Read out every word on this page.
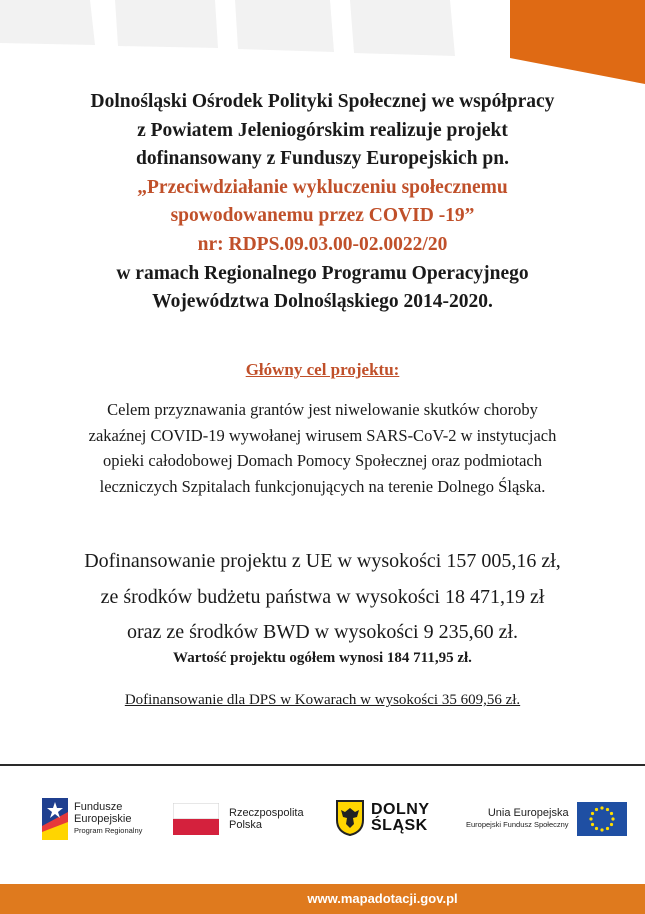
Dolnośląski Ośrodek Polityki Społecznej we współpracy
z Powiatem Jeleniogórskim realizuje projekt
dofinansowany z Funduszy Europejskich pn.
„Przeciwdziałanie wykluczeniu społecznemu
spowodowanemu przez COVID -19”
nr: RDPS.09.03.00-02.0022/20
w ramach Regionalnego Programu Operacyjnego
Województwa Dolnośląskiego 2014-2020.
Główny cel projektu:
Celem przyznawania grantów jest niwelowanie skutków choroby
zakaźnej COVID-19 wywołanej wirusem SARS-CoV-2 w instytucjach
opieki całodobowej Domach Pomocy Społecznej oraz podmiotach
leczniczych Szpitalach funkcjonujących na terenie Dolnego Śląska.
Dofinansowanie projektu z UE w wysokości 157 005,16 zł,
ze środków budżetu państwa w wysokości 18 471,19 zł
oraz ze środków BWD w wysokości 9 235,60 zł.
Wartość projektu ogółem wynosi 184 711,95 zł.
Dofinansowanie dla DPS w Kowarach w wysokości 35 609,56 zł.
Fundusze
Europejskie
Program Regionalny
Rzeczpospolita
Polska
DOLNY
ŚLĄSK
Unia Europejska
Europejski Fundusz Społeczny
www.mapadotacji.gov.pl
